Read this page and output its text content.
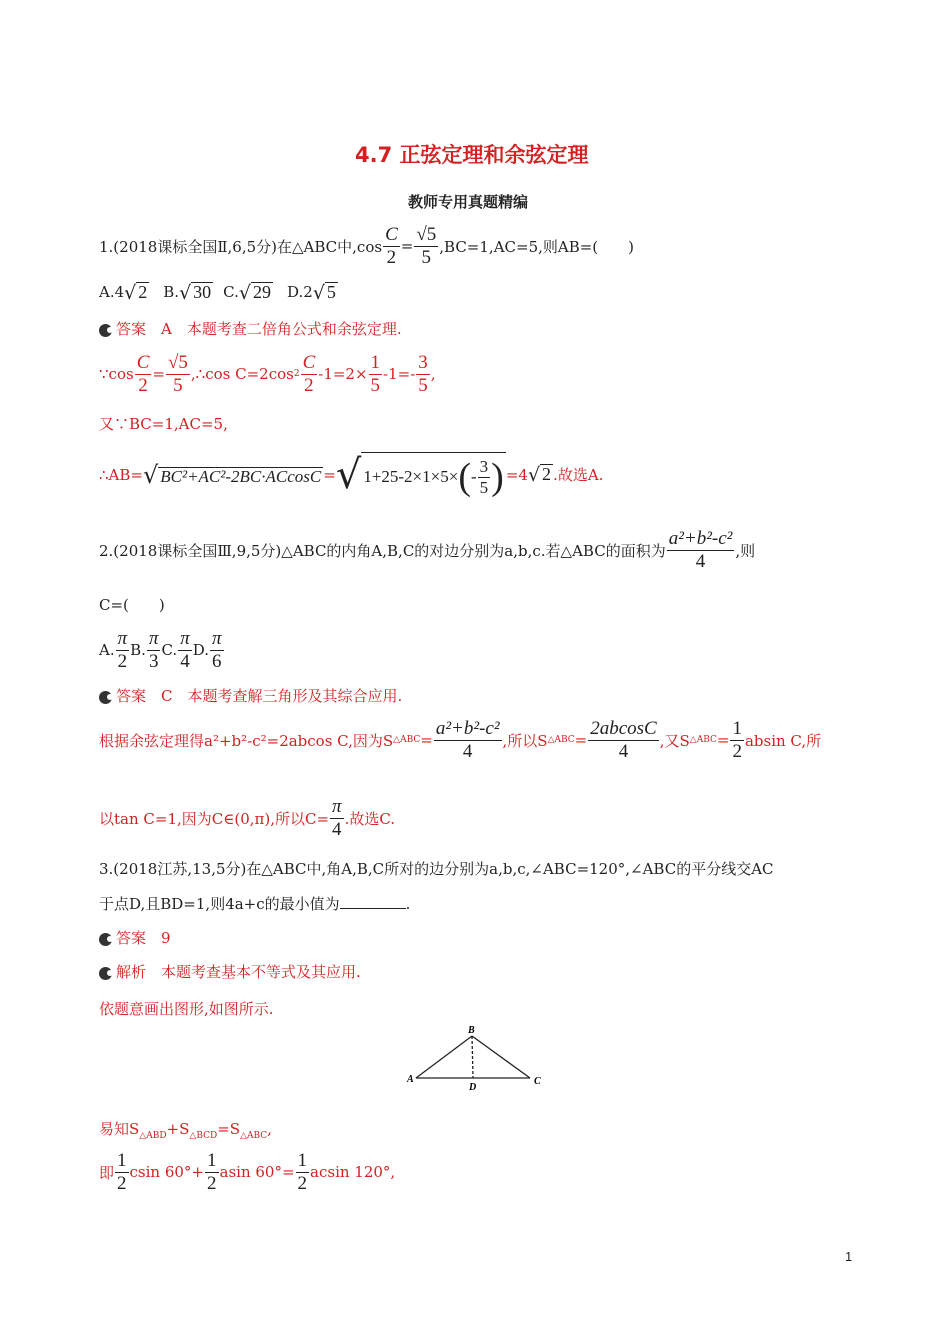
4.7 正弦定理和余弦定理
教师专用真题精编
1.(2018课标全国Ⅱ,6,5分)在△ABC中$,\cos \frac{C}{2} = \frac{√5}{5} ,BC=1,AC=5$,则AB=(　　)
A.4 √ 2 B. √ 30 C. √ 29 D.2 √ 5
答案　A　本题考查二倍角公式和余弦定理.
∵cos $\frac{C}{2} = \frac{√5}{5}$ ,∴cos C=2cos $2 \frac{C}{2} -1=2\times \frac{1}{5} -1=- \frac{3}{5}$ ,
又∵BC=1,AC=5,
∴AB= √ BC²+AC²-2BC·ACcosC = √ 1+25-2×1×5× ( - $\frac{3}{5}$ ) =4 √ 2 .故选A.
2.(2018课标全国Ⅲ,9,5分)△ABC的内角A,B,C的对边分别为a,b,c.若△ABC的面积为 $\frac{\text{a²+b²-c²}}{4}$ ,则
C=(　　)
A. $\frac{\pi}{2} B$. $\frac{\pi}{3} C$. $\frac{\pi}{4} D$. $\frac{\pi}{6}$
答案　C　本题考查解三角形及其综合应用.
根据余弦定理得a²+b²-c²=2abcos C,因为S △ABC = $\frac{\text{a²+b²-c²}}{4}$ ,所以S △ABC = $\frac{2abcosC}{4}$ ,又S △ABC = $\frac{1}{2}$ absin C,所
以tan C=1,因为C∈(0,π),所以$C= \frac{\pi}{4}$ .故选C.
3.(2018江苏,13,5分)在△ABC中,角A,B,C所对的边分别为a,b,c,∠ABC=120°,∠ABC的平分线交AC
于点D,且BD=1,则4a+c的最小值为	.
答案　9
解析　本题考查基本不等式及其应用.
依题意画出图形,如图所示.
A
B
C
D
易知$S_{\triangle ABD}+S_{\triangle BCD}=S_{\triangle ABC}$,
即 $\frac{1}{2}$ csin $60^\circ+ \frac{1}{2}$ asin $60^\circ= \frac{1}{2}$ acsin 120°,
1
